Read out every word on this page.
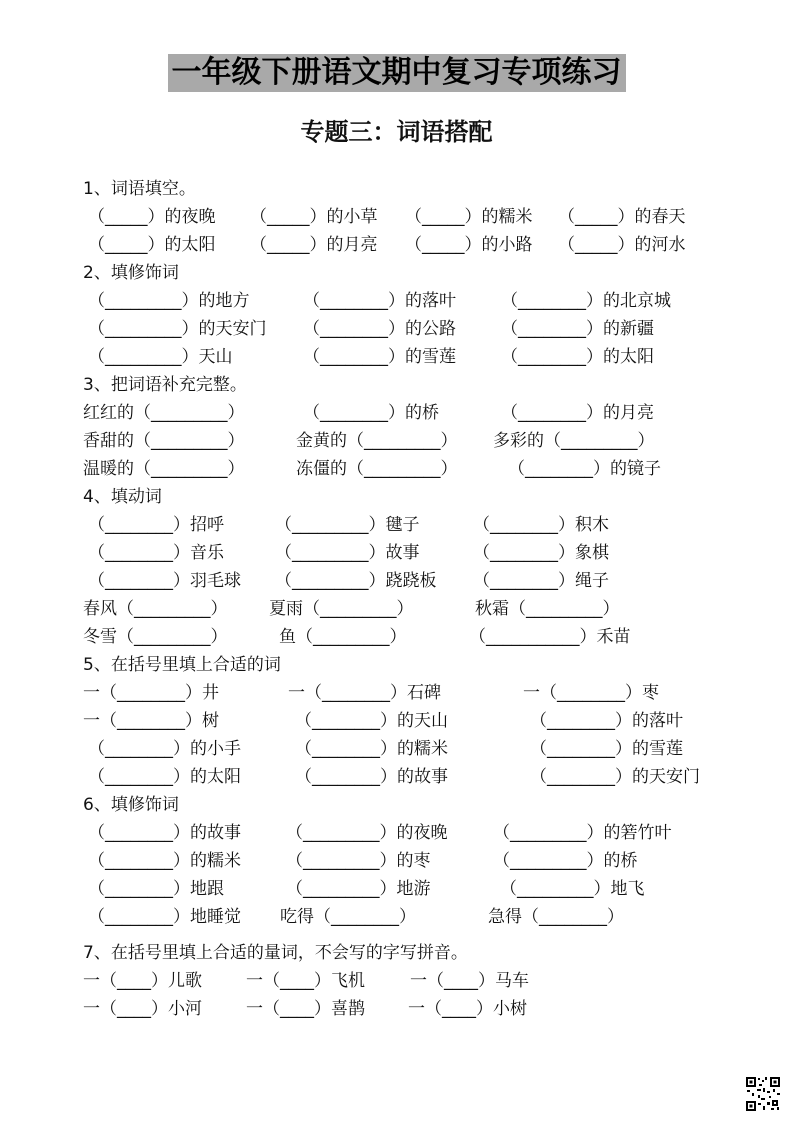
一年级下册语文期中复习专项练习
专题三：词语搭配
1、词语填空。
（_____）的夜晚 （_____）的小草 （_____）的糯米 （_____）的春天
（_____）的太阳 （_____）的月亮 （_____）的小路 （_____）的河水
2、填修饰词
（_________）的地方	（________）的落叶	（________）的北京城
（_________）的天安门 （________）的公路	（________）的新疆
（_________）天山	（________）的雪莲	（________）的太阳
3、把词语补充完整。
红红的（_________）	（________）的桥	（________）的月亮
香甜的（_________）	金黄的（_________） 多彩的（_________）
温暖的（_________）	冻僵的（_________）	（________）的镜子
4、填动词
（________）招呼	（_________）毽子	（________）积木
（________）音乐	（_________）故事	（________）象棋
（________）羽毛球 （_________）跷跷板 （________）绳子
春风（_________） 夏雨（_________）	秋霜（_________）
冬雪（_________）	鱼（_________）	（___________）禾苗
5、在括号里填上合适的词
一（________）井	一（________）石碑	一（________）枣
一（________）树	（________）的天山	（________）的落叶
（________）的小手	（________）的糯米	（________）的雪莲
（________）的太阳	（________）的故事	（________）的天安门
6、填修饰词
（________）的故事	（_________）的夜晚	（_________）的箬竹叶
（________）的糯米	（_________）的枣	（_________）的桥
（________）地跟	（_________）地游	（_________）地飞
（________）地睡觉 吃得（________）	急得（________）
7、在括号里填上合适的量词，不会写的字写拼音。
一（____）儿歌	一（____）飞机	一（____）马车
一（____）小河	一（____）喜鹊	一（____）小树
